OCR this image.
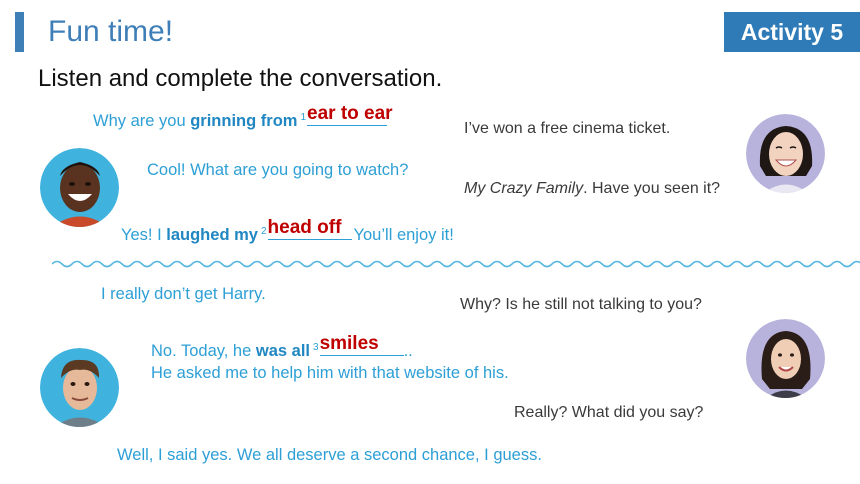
Fun time!	Activity 5
Listen and complete the conversation.
Why are you grinning from $^1$ ear to ear
I’ve won a free cinema ticket.
Cool! What are you going to watch?
My Crazy Family. Have you seen it?
Yes! I laughed my $^2$ head off You’ll enjoy it!
I really don’t get Harry.
Why? Is he still not talking to you?
No. Today, he was all $^3$ smiles ..
He asked me to help him with that website of his.
Really? What did you say?
Well, I said yes. We all deserve a second chance, I guess.
